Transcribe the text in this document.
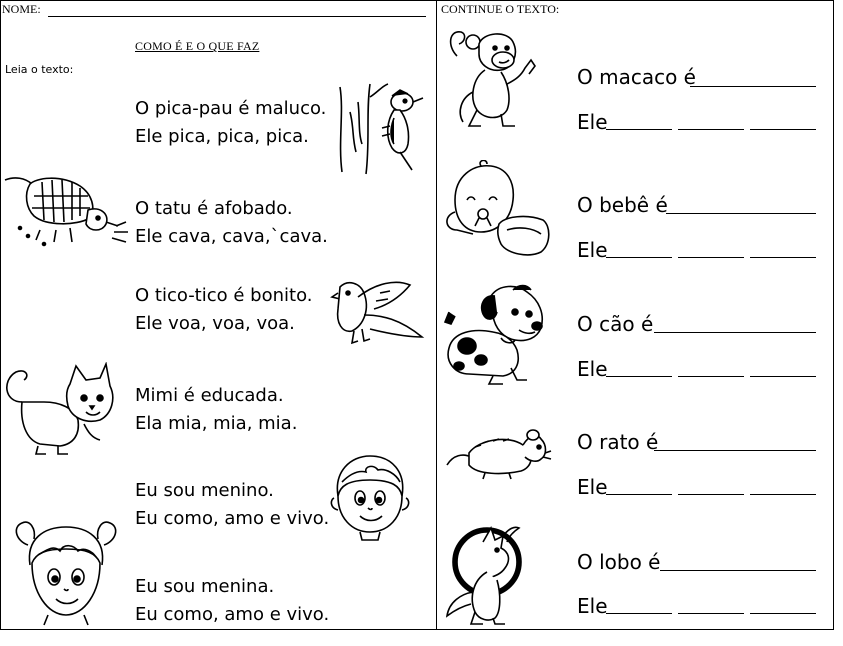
NOME:	CONTINUE O TEXTO:
COMO É E O QUE FAZ
Leia o texto:
O pica-pau é maluco.
Ele pica, pica, pica.
O tatu é afobado.
Ele cava, cava,`cava.
O tico-tico é bonito.
Ele voa, voa, voa.
Mimi é educada.
Ela mia, mia, mia.
Eu sou menino.
Eu como, amo e vivo.
Eu sou menina.
Eu como, amo e vivo.
O macaco é
Ele
O bebê é
Ele
O cão é
Ele
O rato é
Ele
O lobo é
Ele
